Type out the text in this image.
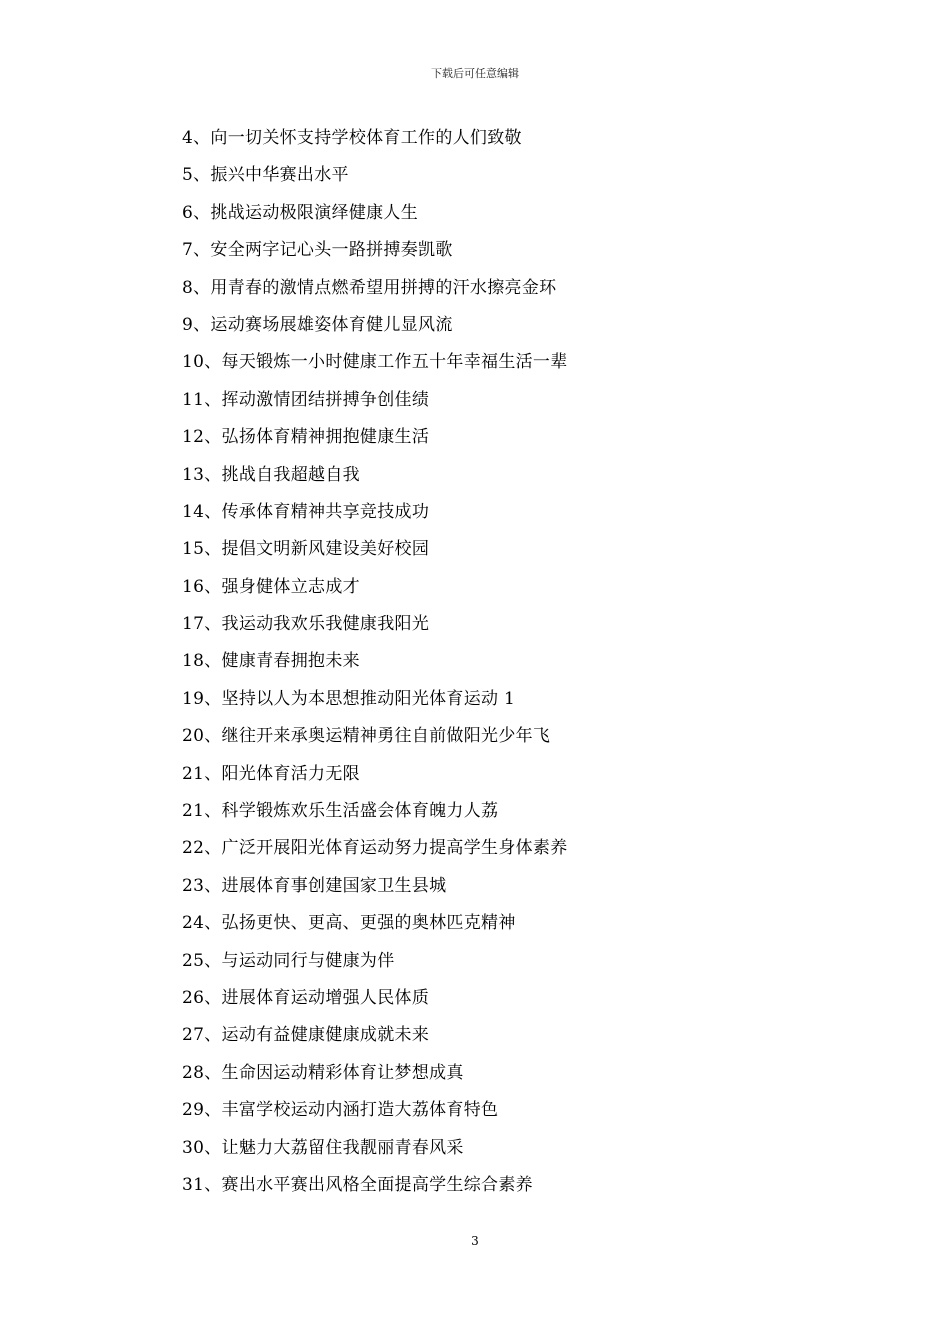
下载后可任意编辑
4、向一切关怀支持学校体育工作的人们致敬
5、振兴中华赛出水平
6、挑战运动极限演绎健康人生
7、安全两字记心头一路拼搏奏凯歌
8、用青春的激情点燃希望用拼搏的汗水擦亮金环
9、运动赛场展雄姿体育健儿显风流
10、每天锻炼一小时健康工作五十年幸福生活一辈
11、挥动激情团结拼搏争创佳绩
12、弘扬体育精神拥抱健康生活
13、挑战自我超越自我
14、传承体育精神共享竞技成功
15、提倡文明新风建设美好校园
16、强身健体立志成才
17、我运动我欢乐我健康我阳光
18、健康青春拥抱未来
19、坚持以人为本思想推动阳光体育运动 1
20、继往开来承奥运精神勇往自前做阳光少年飞
21、阳光体育活力无限
21、科学锻炼欢乐生活盛会体育魄力人荔
22、广泛开展阳光体育运动努力提高学生身体素养
23、进展体育事创建国家卫生县城
24、弘扬更快、更高、更强的奥林匹克精神
25、与运动同行与健康为伴
26、进展体育运动增强人民体质
27、运动有益健康健康成就未来
28、生命因运动精彩体育让梦想成真
29、丰富学校运动内涵打造大荔体育特色
30、让魅力大荔留住我靓丽青春风采
31、赛出水平赛出风格全面提高学生综合素养
3
